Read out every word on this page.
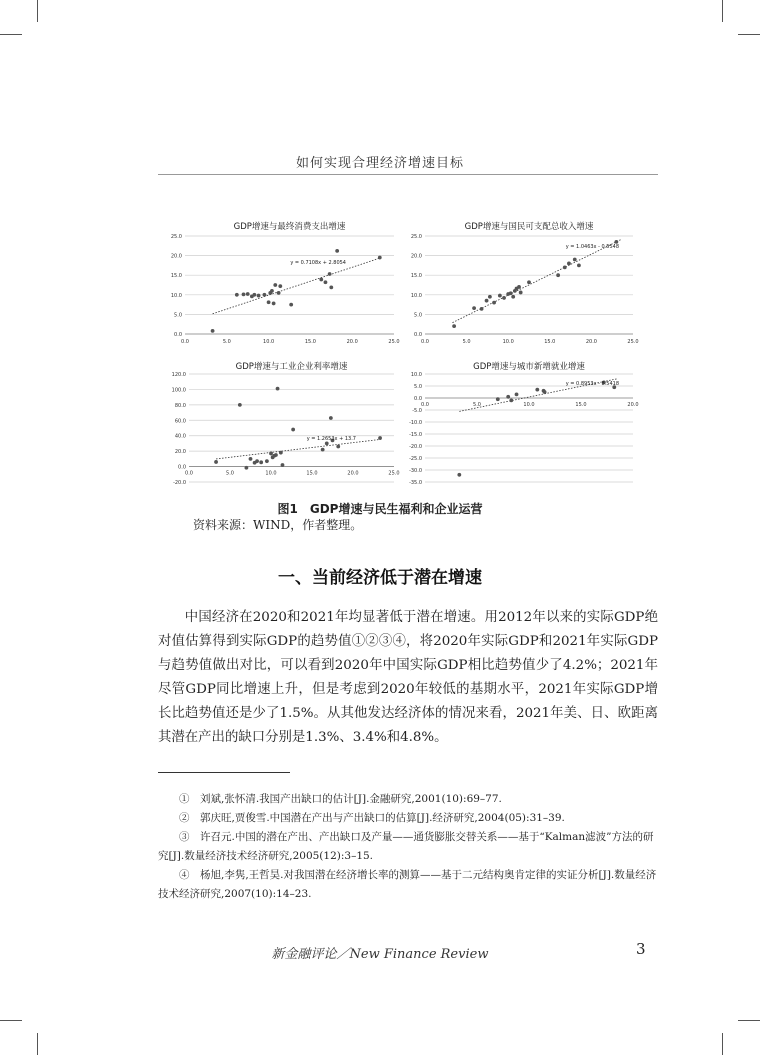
如何实现合理经济增速目标
GDP增速与最终消费支出增速
0.0
5.0
10.0
15.0
20.0
25.0
0.0	5.0	10.0	15.0	20.0	25.0
y = 0.7108x + 2.8054
GDP增速与国民可支配总收入增速
0.0
5.0
10.0
15.0
20.0
25.0
0.0	5.0	10.0	15.0	20.0	25.0
y = 1.0463x - 0.5548
GDP增速与工业企业利率增速
-20.0
0.0
20.0
40.0
60.0
80.0
100.0
120.0
0.0	5.0	10.0	15.0	20.0	25.0
y = 1.2653x + 13.7
GDP增速与城市新增就业增速
-35.0
-30.0
-25.0
-20.0
-15.0
-10.0
-5.0
0.0
5.0
10.0
0.0	5.0	10.0	15.0	20.0
y = 0.8953x - 8.5418
图1　GDP增速与民生福利和企业运营
资料来源：WIND，作者整理。
一、当前经济低于潜在增速

中国经济在2020和2021年均显著低于潜在增速。用2012年以来的实际GDP绝对值估算得到实际GDP的趋势值①②③④，将2020年实际GDP和2021年实际GDP与趋势值做出对比，可以看到2020年中国实际GDP相比趋势值少了4.2%；2021年尽管GDP同比增速上升，但是考虑到2020年较低的基期水平，2021年实际GDP增长比趋势值还是少了1.5%。从其他发达经济体的情况来看，2021年美、日、欧距离其潜在产出的缺口分别是1.3%、3.4%和4.8%。

①　刘斌,张怀清.我国产出缺口的估计[J].金融研究,2001(10):69–77.

②　郭庆旺,贾俊雪.中国潜在产出与产出缺口的估算[J].经济研究,2004(05):31–39.

③　许召元.中国的潜在产出、产出缺口及产量——通货膨胀交替关系——基于“Kalman滤波”方法的研究[J].数量经济技术经济研究,2005(12):3–15.

④　杨旭,李隽,王哲昊.对我国潜在经济增长率的测算——基于二元结构奥肯定律的实证分析[J].数量经济技术经济研究,2007(10):14–23.

新金融评论／New Finance Review	3
